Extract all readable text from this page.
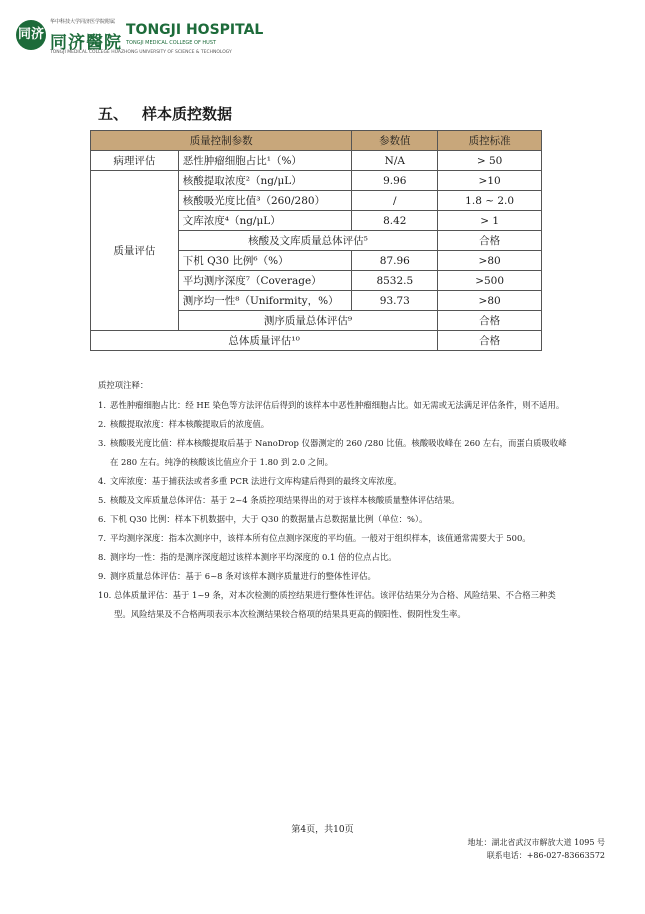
同济
华中科技大学同济医学院附属
同济醫院
TONGJI HOSPITAL
TONGJI MEDICAL COLLEGE OF HUST
TONGJI MEDICAL COLLEGE HUAZHONG UNIVERSITY OF SCIENCE & TECHNOLOGY
五、 样本质控数据
质量控制参数		参数值	质控标准
病理评估	恶性肿瘤细胞占比¹（%）	N/A	> 50
质量评估	核酸提取浓度²（ng/μL）	9.96	>10
	核酸吸光度比值³（260/280）	/	1.8 ~ 2.0
	文库浓度⁴（ng/μL）	8.42	> 1
	核酸及文库质量总体评估⁵		合格
	下机 Q30 比例⁶（%）	87.96	>80
	平均测序深度⁷（Coverage）	8532.5	>500
	测序均一性⁸（Uniformity，%）	93.73	>80
	测序质量总体评估⁹		合格
总体质量评估¹⁰			合格
质控项注释：
1. 恶性肿瘤细胞占比：经 HE 染色等方法评估后得到的该样本中恶性肿瘤细胞占比。如无需或无法满足评估条件，则不适用。
2. 核酸提取浓度：样本核酸提取后的浓度值。
3. 核酸吸光度比值：样本核酸提取后基于 NanoDrop 仪器测定的 260 /280 比值。核酸吸收峰在 260 左右，而蛋白质吸收峰在 280 左右。纯净的核酸该比值应介于 1.80 到 2.0 之间。
4. 文库浓度：基于捕获法或者多重 PCR 法进行文库构建后得到的最终文库浓度。
5. 核酸及文库质量总体评估：基于 2~4 条质控项结果得出的对于该样本核酸质量整体评估结果。
6. 下机 Q30 比例：样本下机数据中，大于 Q30 的数据量占总数据量比例（单位：%）。
7. 平均测序深度：指本次测序中，该样本所有位点测序深度的平均值。一般对于组织样本，该值通常需要大于 500。
8. 测序均一性：指的是测序深度超过该样本测序平均深度的 0.1 倍的位点占比。
9. 测序质量总体评估：基于 6~8 条对该样本测序质量进行的整体性评估。
10. 总体质量评估：基于 1~9 条，对本次检测的质控结果进行整体性评估。该评估结果分为合格、风险结果、不合格三种类型。风险结果及不合格两项表示本次检测结果较合格项的结果具更高的假阳性、假阴性发生率。
第4页，共10页
地址：湖北省武汉市解放大道 1095 号
联系电话：+86-027-83663572
